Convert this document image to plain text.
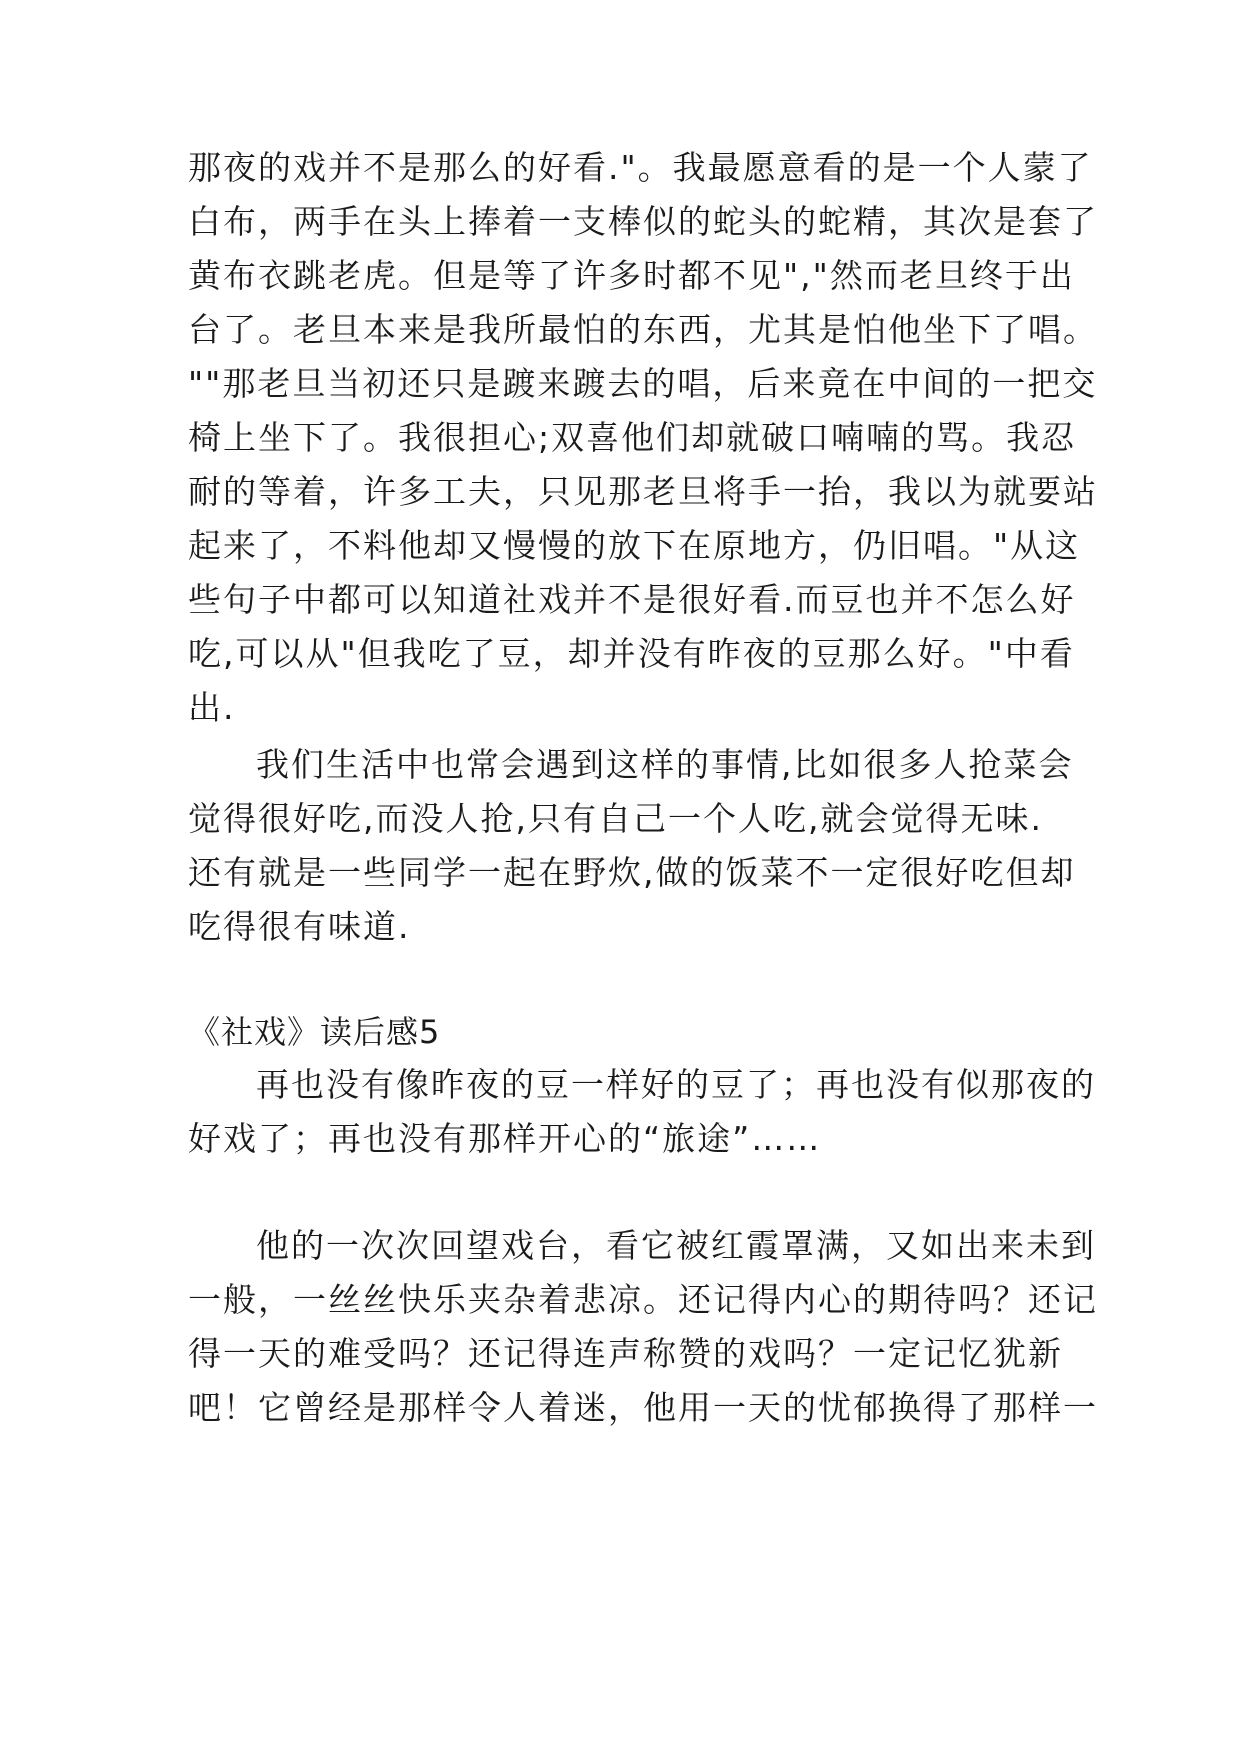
那夜的戏并不是那么的好看."。我最愿意看的是一个人蒙了
白布，两手在头上捧着一支棒似的蛇头的蛇精，其次是套了
黄布衣跳老虎。但是等了许多时都不见","然而老旦终于出
台了。老旦本来是我所最怕的东西，尤其是怕他坐下了唱。
""那老旦当初还只是踱来踱去的唱，后来竟在中间的一把交
椅上坐下了。我很担心;双喜他们却就破口喃喃的骂。我忍
耐的等着，许多工夫，只见那老旦将手一抬，我以为就要站
起来了，不料他却又慢慢的放下在原地方，仍旧唱。"从这
些句子中都可以知道社戏并不是很好看.而豆也并不怎么好
吃,可以从"但我吃了豆，却并没有昨夜的豆那么好。"中看
出.
我们生活中也常会遇到这样的事情,比如很多人抢菜会
觉得很好吃,而没人抢,只有自己一个人吃,就会觉得无味.
还有就是一些同学一起在野炊,做的饭菜不一定很好吃但却
吃得很有味道.
《社戏》读后感5
再也没有像昨夜的豆一样好的豆了；再也没有似那夜的
好戏了；再也没有那样开心的“旅途”……
他的一次次回望戏台，看它被红霞罩满，又如出来未到
一般，一丝丝快乐夹杂着悲凉。还记得内心的期待吗？还记
得一天的难受吗？还记得连声称赞的戏吗？一定记忆犹新
吧！它曾经是那样令人着迷，他用一天的忧郁换得了那样一
